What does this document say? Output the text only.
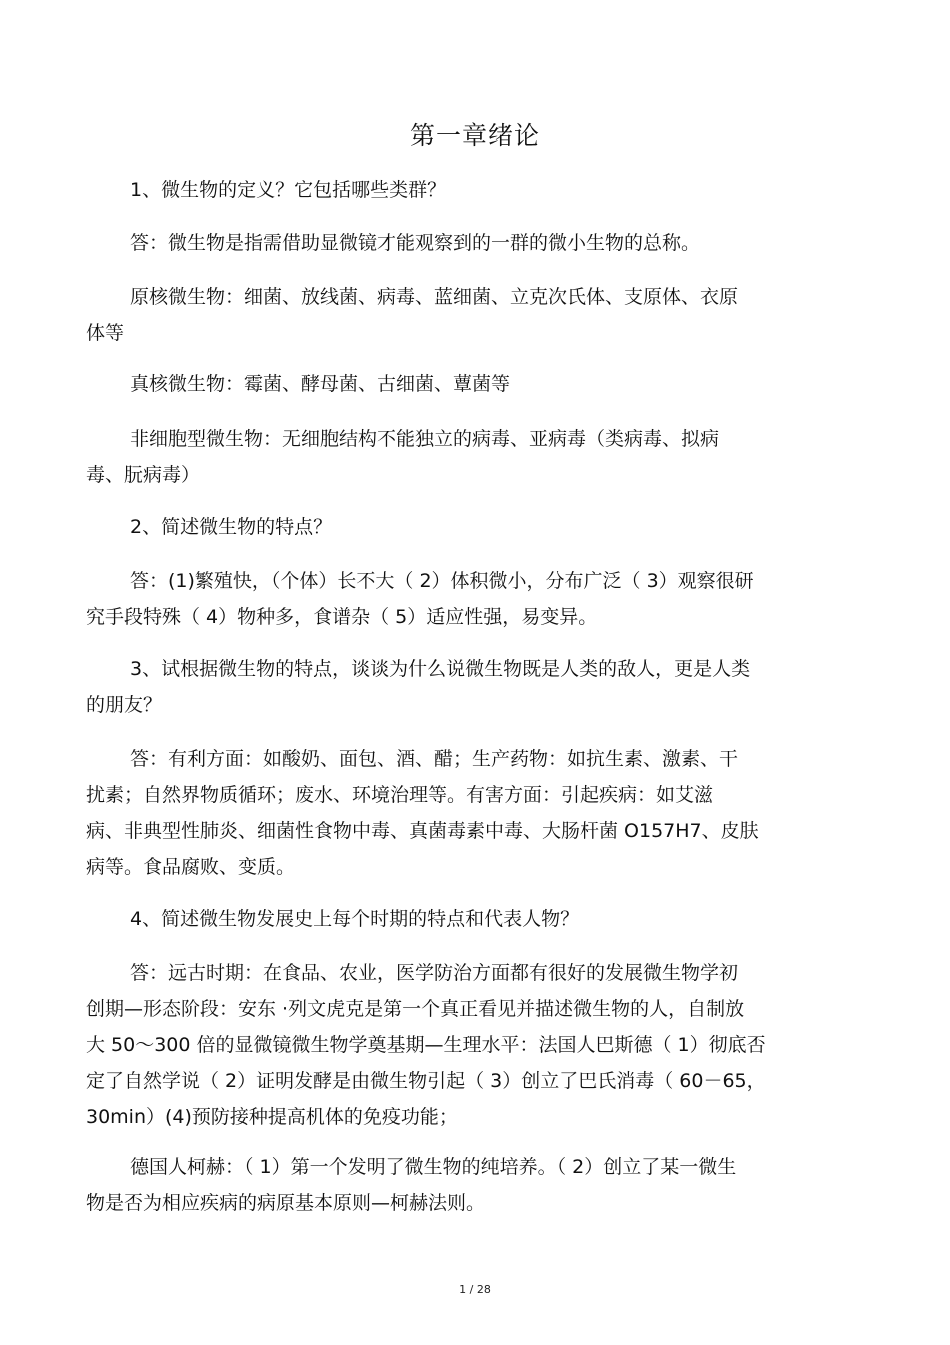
第一章绪论
1、微生物的定义？它包括哪些类群？
答：微生物是指需借助显微镜才能观察到的一群的微小生物的总称。
原核微生物：细菌、放线菌、病毒、蓝细菌、立克次氏体、支原体、衣原
体等
真核微生物：霉菌、酵母菌、古细菌、蕈菌等
非细胞型微生物：无细胞结构不能独立的病毒、亚病毒（类病毒、拟病
毒、朊病毒）
2、简述微生物的特点？
答：(1)繁殖快，（个体）长不大（ 2）体积微小，分布广泛（ 3）观察很研
究手段特殊（ 4）物种多，食谱杂（ 5）适应性强，易变异。
3、试根据微生物的特点，谈谈为什么说微生物既是人类的敌人，更是人类
的朋友？
答：有利方面：如酸奶、面包、酒、醋；生产药物：如抗生素、激素、干
扰素；自然界物质循环；废水、环境治理等。有害方面：引起疾病：如艾滋
病、非典型性肺炎、细菌性食物中毒、真菌毒素中毒、大肠杆菌 O157H7、皮肤
病等。食品腐败、变质。
4、简述微生物发展史上每个时期的特点和代表人物？
答：远古时期：在食品、农业，医学防治方面都有很好的发展微生物学初
创期—形态阶段：安东 ·列文虎克是第一个真正看见并描述微生物的人，自制放
大 50～300 倍的显微镜微生物学奠基期—生理水平：法国人巴斯德（ 1）彻底否
定了自然学说（ 2）证明发酵是由微生物引起（ 3）创立了巴氏消毒（ 60－65，
30min）(4)预防接种提高机体的免疫功能；
德国人柯赫：（ 1）第一个发明了微生物的纯培养。（ 2）创立了某一微生
物是否为相应疾病的病原基本原则—柯赫法则。
1 / 28
